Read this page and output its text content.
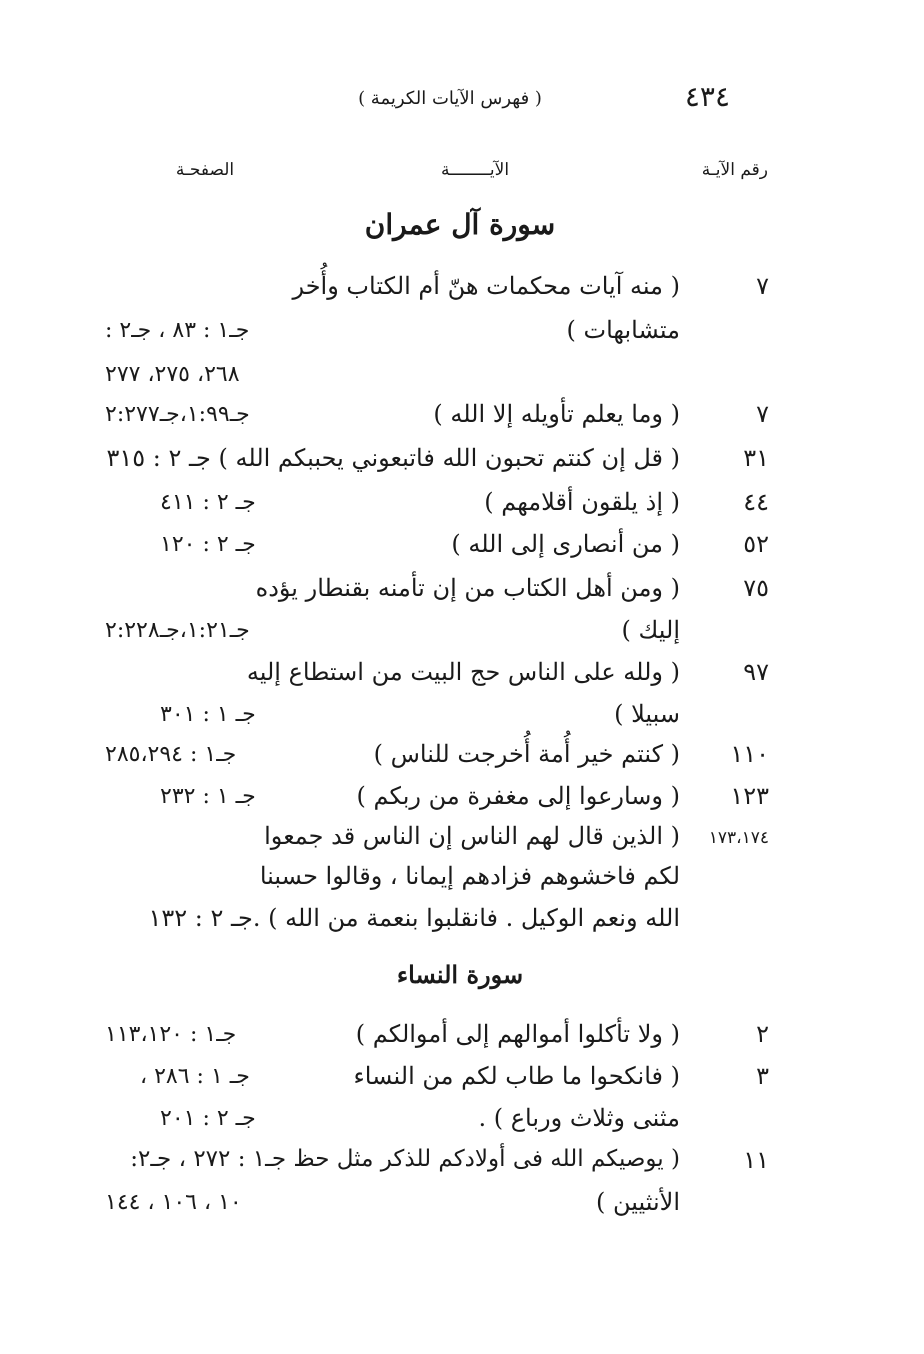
٤٣٤
( فهرس الآيات الكريمة )
رقم الآيـة
الآيــــــــة
الصفحـة
سورة آل عمران
٧
( منه آيات محكمات هنّ أم الكتاب وأُخر
متشابهات )
جـ١ : ٨٣ ، جـ٢ :
٢٦٨، ٢٧٥، ٢٧٧
٧
( وما يعلم تأويله إلا الله )
جـ١:٩٩،جـ٢:٢٧٧
٣١
( قل إن كنتم تحبون الله فاتبعوني يحببكم الله ) جـ ٢ : ٣١٥
٤٤
( إذ يلقون أقلامهم )
جـ ٢ : ٤١١
٥٢
( من أنصارى إلى الله )
جـ ٢ : ١٢٠
٧٥
( ومن أهل الكتاب من إن تأمنه بقنطار يؤده
إليك )
جـ١:٢١،جـ٢:٢٢٨
٩٧
( ولله على الناس حج البيت من استطاع إليه
سبيلا )
جـ ١ : ٣٠١
١١٠
( كنتم خير أُمة أُخرجت للناس )
جـ١ : ٢٨٥،٢٩٤
١٢٣
( وسارعوا إلى مغفرة من ربكم )
جـ ١ : ٢٣٢
١٧٣،١٧٤
( الذين قال لهم الناس إن الناس قد جمعوا
لكم فاخشوهم فزادهم إيمانا ، وقالوا حسبنا
الله ونعم الوكيل . فانقلبوا بنعمة من الله ) .جـ ٢ : ١٣٢
سورة النساء
٢
( ولا تأكلوا أموالهم إلى أموالكم )
جـ١ : ١١٣،١٢٠
٣
( فانكحوا ما طاب لكم من النساء
جـ ١ : ٢٨٦ ،
مثنى وثلاث ورباع ) .
جـ ٢ : ٢٠١
١١
( يوصيكم الله فى أولادكم للذكر مثل حظ جـ١ : ٢٧٢ ، جـ٢:
الأنثيين )
١٠ ، ١٠٦ ، ١٤٤
